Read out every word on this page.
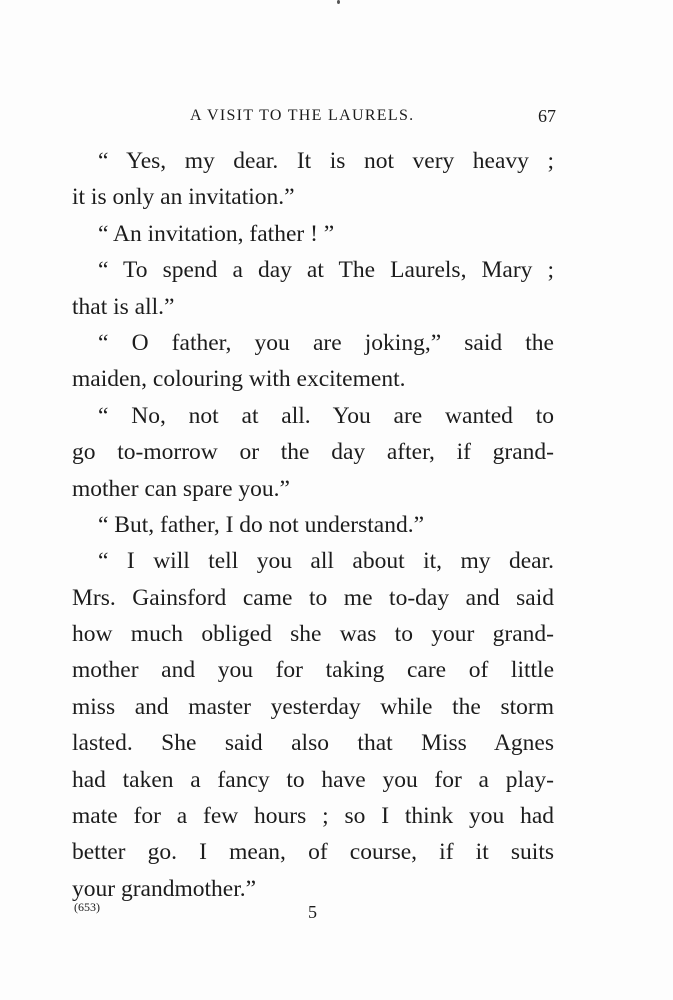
A VISIT TO THE LAURELS.	67
“ Yes, my dear. It is not very heavy ;
it is only an invitation.”
“ An invitation, father ! ”
“ To spend a day at The Laurels, Mary ;
that is all.”
“ O father, you are joking,” said the
maiden, colouring with excitement.
“ No, not at all. You are wanted to
go to-morrow or the day after, if grand-
mother can spare you.”
“ But, father, I do not understand.”
“ I will tell you all about it, my dear.
Mrs. Gainsford came to me to-day and said
how much obliged she was to your grand-
mother and you for taking care of little
miss and master yesterday while the storm
lasted. She said also that Miss Agnes
had taken a fancy to have you for a play-
mate for a few hours ; so I think you had
better go. I mean, of course, if it suits
your grandmother.”
(653)	5
